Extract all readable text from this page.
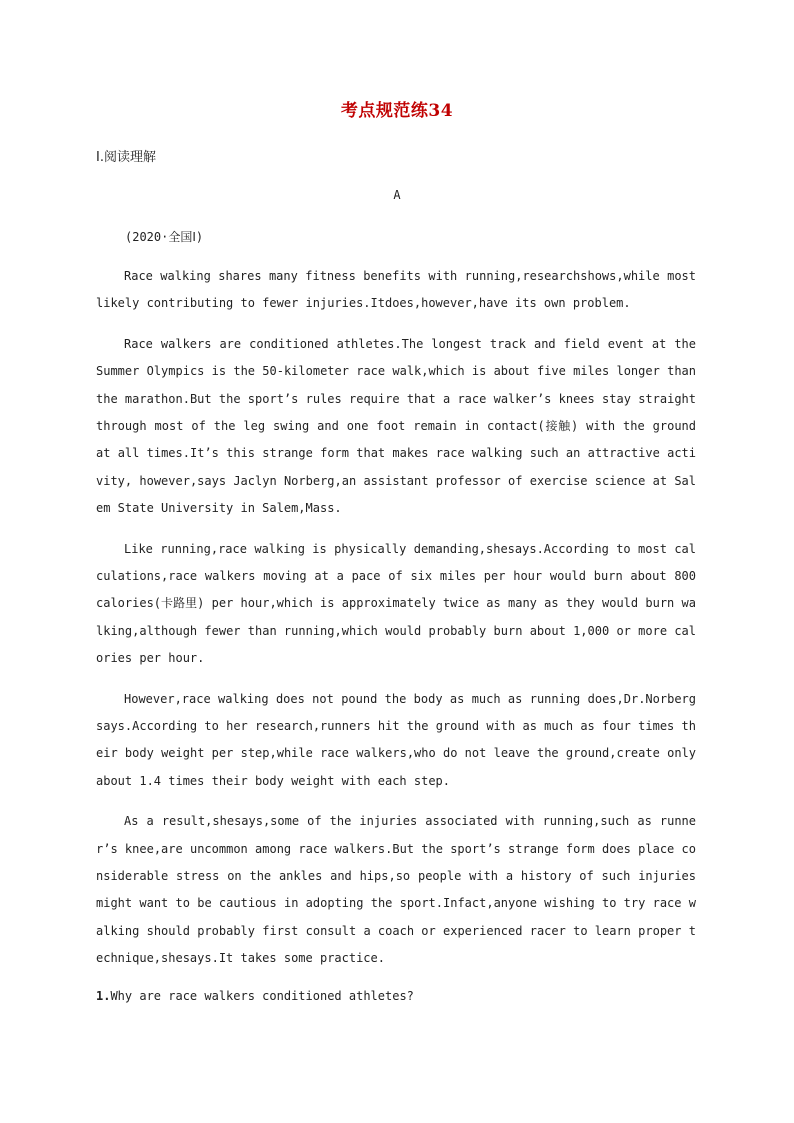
考点规范练34
Ⅰ.阅读理解
A
(2020·全国Ⅰ)

Race walking shares many fitness benefits with running,researchshows,while most likely contributing to fewer injuries.Itdoes,however,have its own problem.

Race walkers are conditioned athletes.The longest track and field event at the Summer Olympics is the 50-kilometer race walk,which is about five miles longer than the marathon.But the sport’s rules require that a race walker’s knees stay straight through most of the leg swing and one foot remain in contact(接触) with the ground at all times.It’s this strange form that makes race walking such an attractive activity, however,says Jaclyn Norberg,an assistant professor of exercise science at Salem State University in Salem,Mass.

Like running,race walking is physically demanding,shesays.According to most calculations,race walkers moving at a pace of six miles per hour would burn about 800 calories(卡路里) per hour,which is approximately twice as many as they would burn walking,although fewer than running,which would probably burn about 1,000 or more calories per hour.

However,race walking does not pound the body as much as running does,Dr.Norbergsays.According to her research,runners hit the ground with as much as four times their body weight per step,while race walkers,who do not leave the ground,create only about 1.4 times their body weight with each step.

As a result,shesays,some of the injuries associated with running,such as runner’s knee,are uncommon among race walkers.But the sport’s strange form does place considerable stress on the ankles and hips,so people with a history of such injuries might want to be cautious in adopting the sport.Infact,anyone wishing to try race walking should probably first consult a coach or experienced racer to learn proper technique,shesays.It takes some practice.

1.Why are race walkers conditioned athletes?
